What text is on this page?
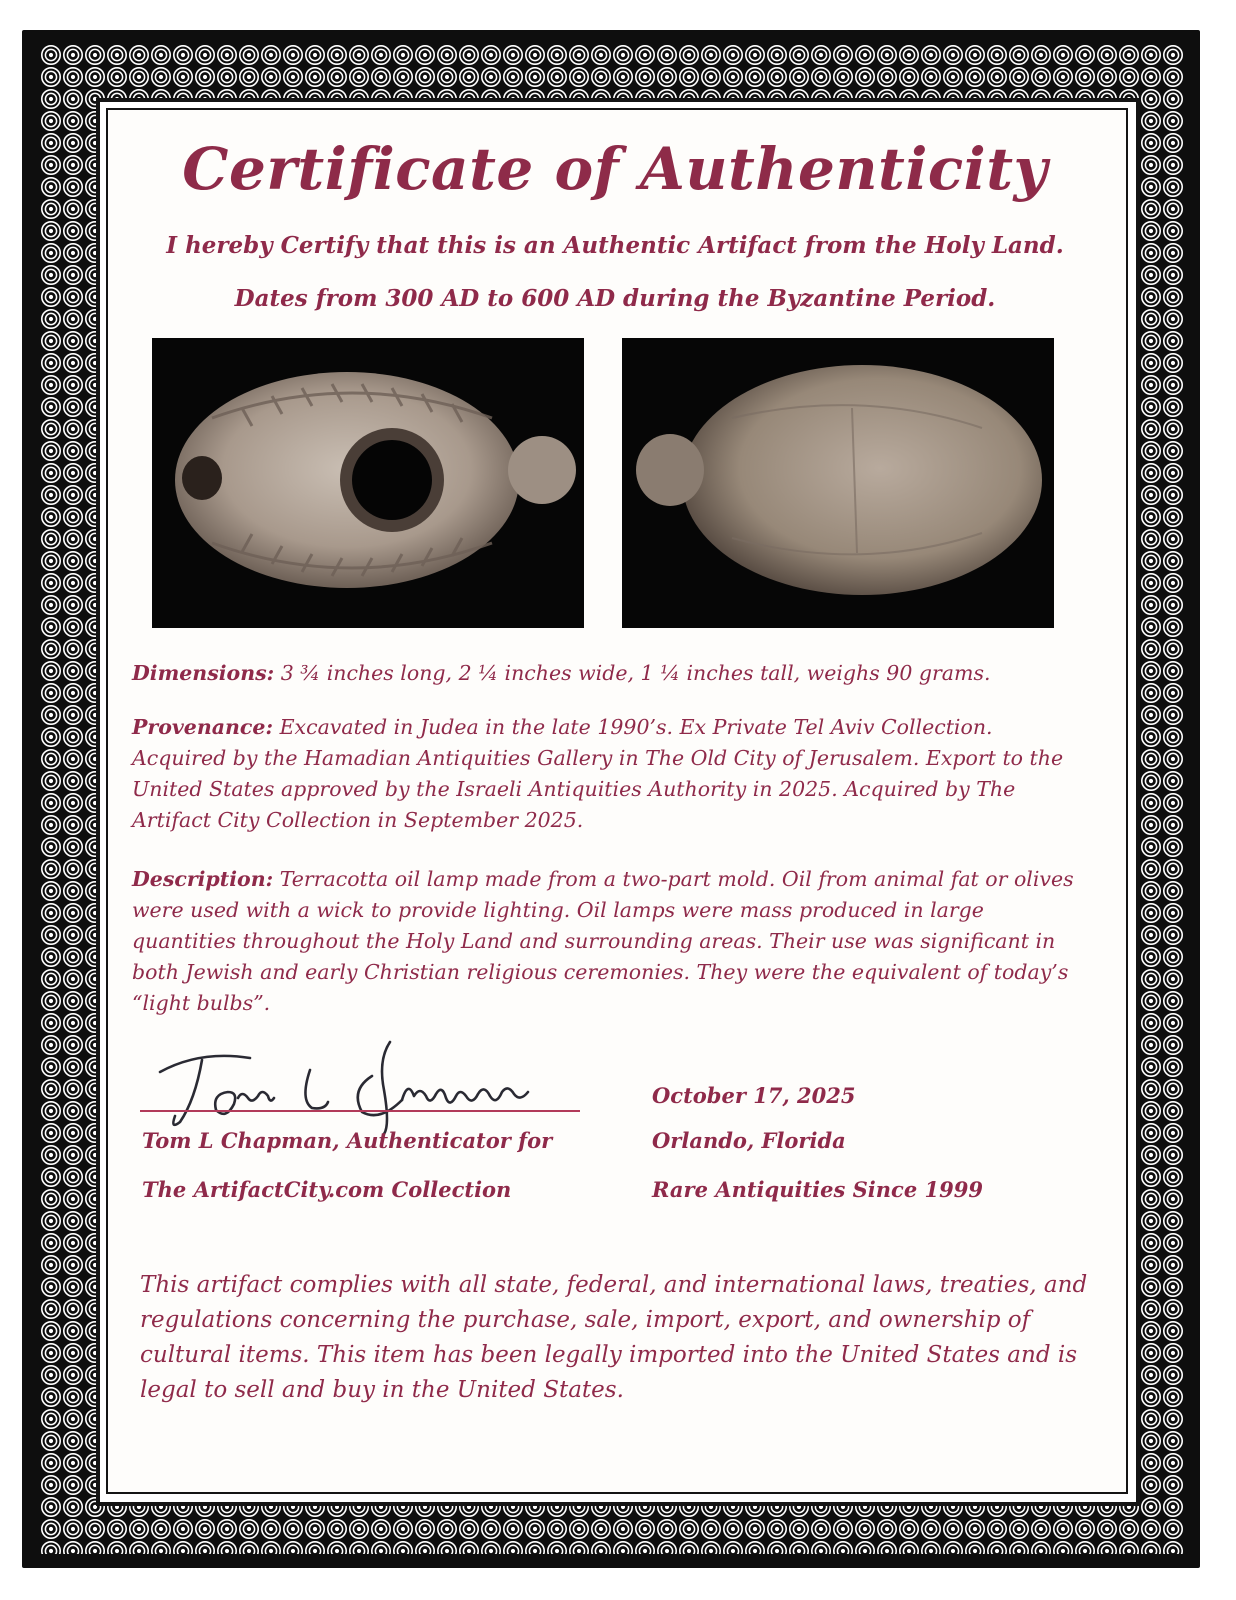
Certificate of Authenticity
I hereby Certify that this is an Authentic Artifact from the Holy Land.
Dates from 300 AD to 600 AD during the Byzantine Period.
Dimensions: 3 ¾ inches long, 2 ¼ inches wide, 1 ¼ inches tall, weighs 90 grams.
Provenance: Excavated in Judea in the late 1990’s. Ex Private Tel Aviv Collection. Acquired by the Hamadian Antiquities Gallery in The Old City of Jerusalem. Export to the United States approved by the Israeli Antiquities Authority in 2025. Acquired by The Artifact City Collection in September 2025.
Description: Terracotta oil lamp made from a two-part mold. Oil from animal fat or olives were used with a wick to provide lighting. Oil lamps were mass produced in large quantities throughout the Holy Land and surrounding areas. Their use was significant in both Jewish and early Christian religious ceremonies. They were the equivalent of today’s “light bulbs”.
Tom L Chapman, Authenticator for
The ArtifactCity.com Collection
October 17, 2025
Orlando, Florida
Rare Antiquities Since 1999
This artifact complies with all state, federal, and international laws, treaties, and regulations concerning the purchase, sale, import, export, and ownership of cultural items. This item has been legally imported into the United States and is legal to sell and buy in the United States.
